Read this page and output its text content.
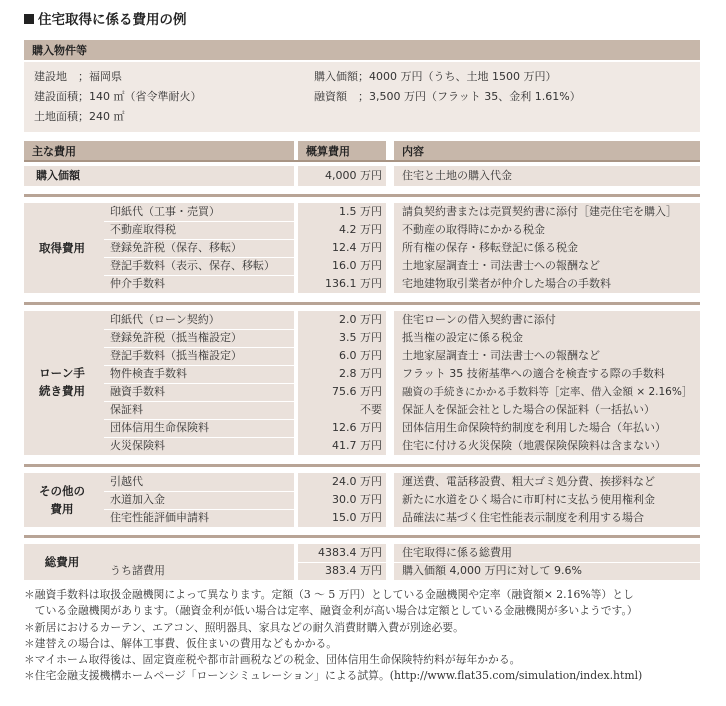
住宅取得に係る費用の例
購入物件等
建設地　；福岡県
建設面積；140 ㎡（省令準耐火）
土地面積；240 ㎡
購入価額；4000 万円（うち、土地 1500 万円）
融資額　；3,500 万円（フラット 35、金利 1.61%）
主な費用	概算費用	内容
購入価額	4,000 万円 住宅と土地の購入代金
取得費用
印紙代（工事・売買）	1.5 万円 請負契約書または売買契約書に添付［建売住宅を購入］
不動産取得税	4.2 万円 不動産の取得時にかかる税金
登録免許税（保存、移転）	12.4 万円 所有権の保存・移転登記に係る税金
登記手数料（表示、保存、移転）	16.0 万円 土地家屋調査士・司法書士への報酬など
仲介手数料	136.1 万円 宅地建物取引業者が仲介した場合の手数料
ローン手
続き費用
印紙代（ローン契約）	2.0 万円 住宅ローンの借入契約書に添付
登録免許税（抵当権設定）	3.5 万円 抵当権の設定に係る税金
登記手数料（抵当権設定）	6.0 万円 土地家屋調査士・司法書士への報酬など
物件検査手数料	2.8 万円 フラット 35 技術基準への適合を検査する際の手数料
融資手数料	75.6 万円 融資の手続きにかかる手数料等［定率、借入金額 × 2.16%］
保証料	不要 保証人を保証会社とした場合の保証料（一括払い）
団体信用生命保険料	12.6 万円 団体信用生命保険特約制度を利用した場合（年払い）
火災保険料	41.7 万円 住宅に付ける火災保険（地震保険保険料は含まない）
その他の
費用
引越代	24.0 万円 運送費、電話移設費、粗大ゴミ処分費、挨拶料など
水道加入金	30.0 万円 新たに水道をひく場合に市町村に支払う使用権利金
住宅性能評価申請料	15.0 万円 品確法に基づく住宅性能表示制度を利用する場合
総費用
4383.4 万円 住宅取得に係る総費用
うち諸費用	383.4 万円 購入価額 4,000 万円に対して 9.6%
＊融資手数料は取扱金融機関によって異なります。定額（3 ～ 5 万円）としている金融機関や定率（融資額× 2.16%等）とし
　ている金融機関があります。（融資金利が低い場合は定率、融資金利が高い場合は定額としている金融機関が多いようです。）
＊新居におけるカーテン、エアコン、照明器具、家具などの耐久消費財購入費が別途必要。
＊建替えの場合は、解体工事費、仮住まいの費用などもかかる。
＊マイホーム取得後は、固定資産税や都市計画税などの税金、団体信用生命保険特約料が毎年かかる。
＊住宅金融支援機構ホームページ「ローンシミュレーション」による試算。(http://www.flat35.com/simulation/index.html)
